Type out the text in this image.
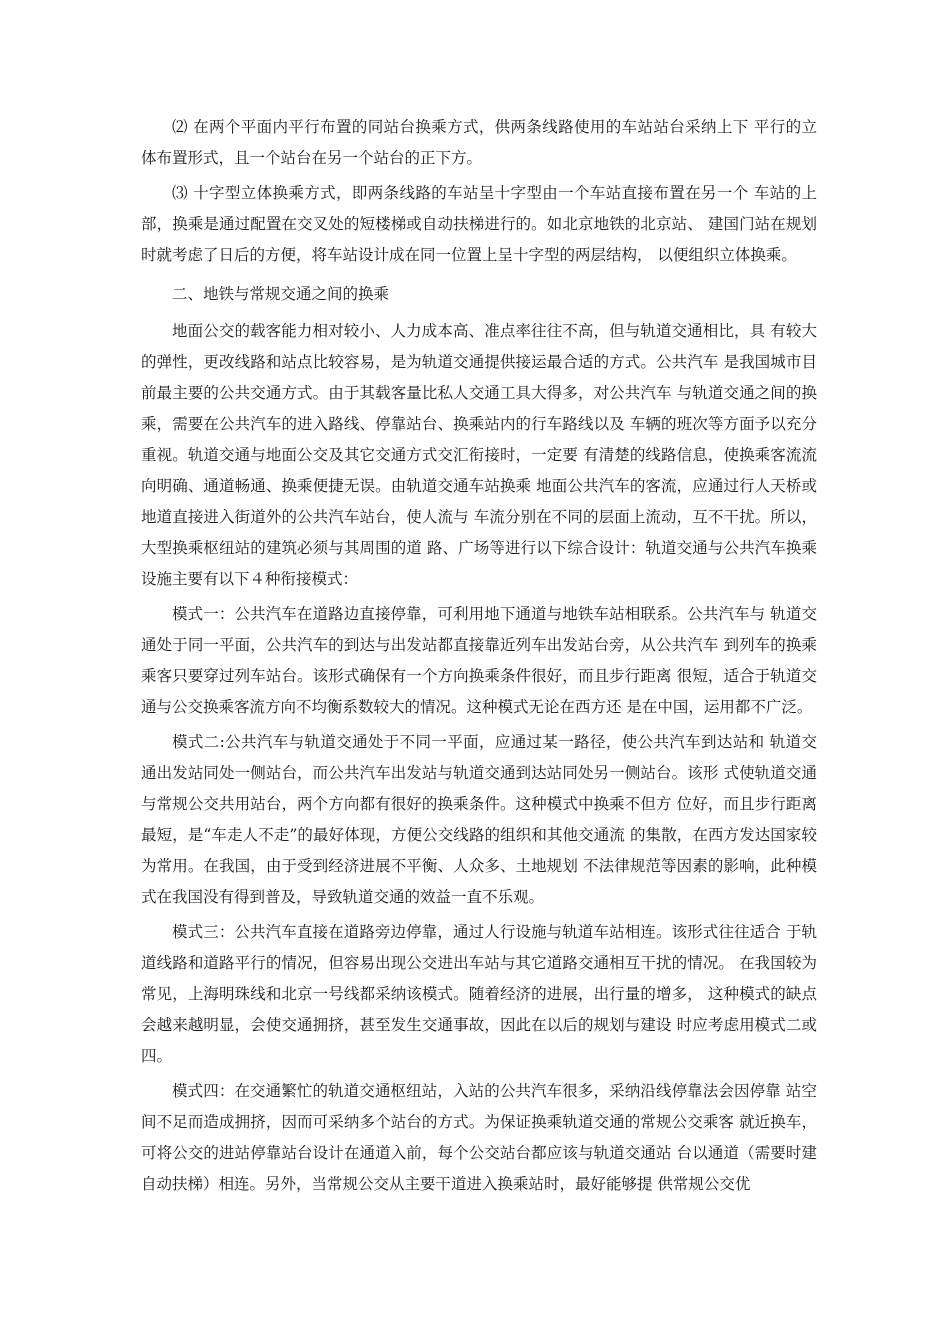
⑵ 在两个平面内平行布置的同站台换乘方式，供两条线路使用的车站站台采纳上下 平行的立体布置形式，且一个站台在另一个站台的正下方。

⑶ 十字型立体换乘方式，即两条线路的车站呈十字型由一个车站直接布置在另一个 车站的上部，换乘是通过配置在交叉处的短楼梯或自动扶梯进行的。如北京地铁的北京站、 建国门站在规划时就考虑了日后的方便，将车站设计成在同一位置上呈十字型的两层结构， 以便组织立体换乘。

二、地铁与常规交通之间的换乘

地面公交的载客能力相对较小、人力成本高、准点率往往不高，但与轨道交通相比，具 有较大的弹性，更改线路和站点比较容易，是为轨道交通提供接运最合适的方式。公共汽车 是我国城市目前最主要的公共交通方式。由于其载客量比私人交通工具大得多，对公共汽车 与轨道交通之间的换乘，需要在公共汽车的进入路线、停靠站台、换乘站内的行车路线以及 车辆的班次等方面予以充分重视。轨道交通与地面公交及其它交通方式交汇衔接时，一定要 有清楚的线路信息，使换乘客流流向明确、通道畅通、换乘便捷无误。由轨道交通车站换乘 地面公共汽车的客流，应通过行人天桥或地道直接进入街道外的公共汽车站台，使人流与 车流分别在不同的层面上流动，互不干扰。所以，大型换乘枢纽站的建筑必须与其周围的道 路、广场等进行以下综合设计：轨道交通与公共汽车换乘设施主要有以下４种衔接模式：

模式一：公共汽车在道路边直接停靠，可利用地下通道与地铁车站相联系。公共汽车与 轨道交通处于同一平面，公共汽车的到达与出发站都直接靠近列车出发站台旁，从公共汽车 到列车的换乘乘客只要穿过列车站台。该形式确保有一个方向换乘条件很好，而且步行距离 很短，适合于轨道交通与公交换乘客流方向不均衡系数较大的情况。这种模式无论在西方还 是在中国，运用都不广泛。

模式二:公共汽车与轨道交通处于不同一平面，应通过某一路径，使公共汽车到达站和 轨道交通出发站同处一侧站台，而公共汽车出发站与轨道交通到达站同处另一侧站台。该形 式使轨道交通与常规公交共用站台，两个方向都有很好的换乘条件。这种模式中换乘不但方 位好，而且步行距离最短，是“车走人不走”的最好体现，方便公交线路的组织和其他交通流 的集散，在西方发达国家较为常用。在我国，由于受到经济进展不平衡、人众多、土地规划 不法律规范等因素的影响，此种模式在我国没有得到普及，导致轨道交通的效益一直不乐观。

模式三：公共汽车直接在道路旁边停靠，通过人行设施与轨道车站相连。该形式往往适合 于轨道线路和道路平行的情况，但容易出现公交进出车站与其它道路交通相互干扰的情况。 在我国较为常见，上海明珠线和北京一号线都采纳该模式。随着经济的进展，出行量的增多， 这种模式的缺点会越来越明显，会使交通拥挤，甚至发生交通事故，因此在以后的规划与建设 时应考虑用模式二或四。

模式四：在交通繁忙的轨道交通枢纽站，入站的公共汽车很多，采纳沿线停靠法会因停靠 站空间不足而造成拥挤，因而可采纳多个站台的方式。为保证换乘轨道交通的常规公交乘客 就近换车，可将公交的进站停靠站台设计在通道入前，每个公交站台都应该与轨道交通站 台以通道（需要时建自动扶梯）相连。另外，当常规公交从主要干道进入换乘站时，最好能够提 供常规公交优
